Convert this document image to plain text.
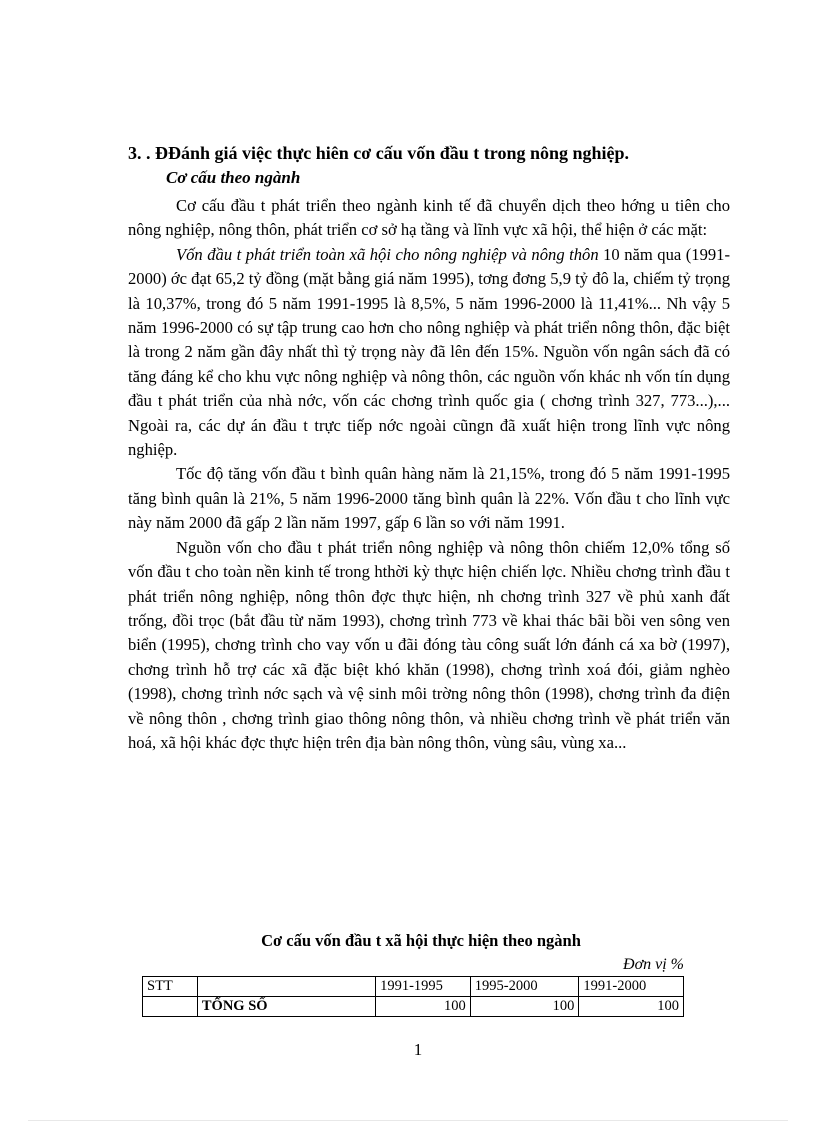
3. . ĐĐánh giá việc thực hiên cơ cấu vốn đầu t trong nông nghiệp.
Cơ cấu theo ngành

Cơ cấu đầu t phát triển theo ngành kinh tế đã chuyển dịch theo hớng u tiên cho nông nghiệp, nông thôn, phát triển cơ sở hạ tầng và lĩnh vực xã hội, thể hiện ở các mặt:

Vốn đầu t phát triển toàn xã hội cho nông nghiệp và nông thôn 10 năm qua (1991-2000) ớc đạt 65,2 tỷ đồng (mặt bằng giá năm 1995), tơng đơng 5,9 tỷ đô la, chiếm tỷ trọng là 10,37%, trong đó 5 năm 1991-1995 là 8,5%, 5 năm 1996-2000 là 11,41%... Nh vậy 5 năm 1996-2000 có sự tập trung cao hơn cho nông nghiệp và phát triển nông thôn, đặc biệt là trong 2 năm gần đây nhất thì tỷ trọng này đã lên đến 15%. Nguồn vốn ngân sách đã có tăng đáng kể cho khu vực nông nghiệp và nông thôn, các nguồn vốn khác nh vốn tín dụng đầu t phát triển của nhà nớc, vốn các chơng trình quốc gia ( chơng trình 327, 773...),... Ngoài ra, các dự án đầu t trực tiếp nớc ngoài cũngn đã xuất hiện trong lĩnh vực nông nghiệp.

Tốc độ tăng vốn đầu t bình quân hàng năm là 21,15%, trong đó 5 năm 1991-1995 tăng bình quân là 21%, 5 năm 1996-2000 tăng bình quân là 22%. Vốn đầu t cho lĩnh vực này năm 2000 đã gấp 2 lần năm 1997, gấp 6 lần so với năm 1991.

Nguồn vốn cho đầu t phát triển nông nghiệp và nông thôn chiếm 12,0% tổng số vốn đầu t cho toàn nền kinh tế trong hthời kỳ thực hiện chiến lợc. Nhiều chơng trình đầu t phát triển nông nghiệp, nông thôn đợc thực hiện, nh chơng trình 327 về phủ xanh đất trống, đồi trọc (bắt đầu từ năm 1993), chơng trình 773 về khai thác bãi bồi ven sông ven biển (1995), chơng trình cho vay vốn u đãi đóng tàu công suất lớn đánh cá xa bờ (1997), chơng trình hỗ trợ các xã đặc biệt khó khăn (1998), chơng trình xoá đói, giảm nghèo (1998), chơng trình nớc sạch và vệ sinh môi trờng nông thôn (1998), chơng trình đa điện về nông thôn , chơng trình giao thông nông thôn, và nhiều chơng trình về phát triển văn hoá, xã hội khác đợc thực hiện trên địa bàn nông thôn, vùng sâu, vùng xa...

Cơ cấu vốn đầu t xã hội thực hiện theo ngành
Đơn vị %
STT		1991-1995	1995-2000	1991-2000
	TỔNG SỐ	100	100	100
1
